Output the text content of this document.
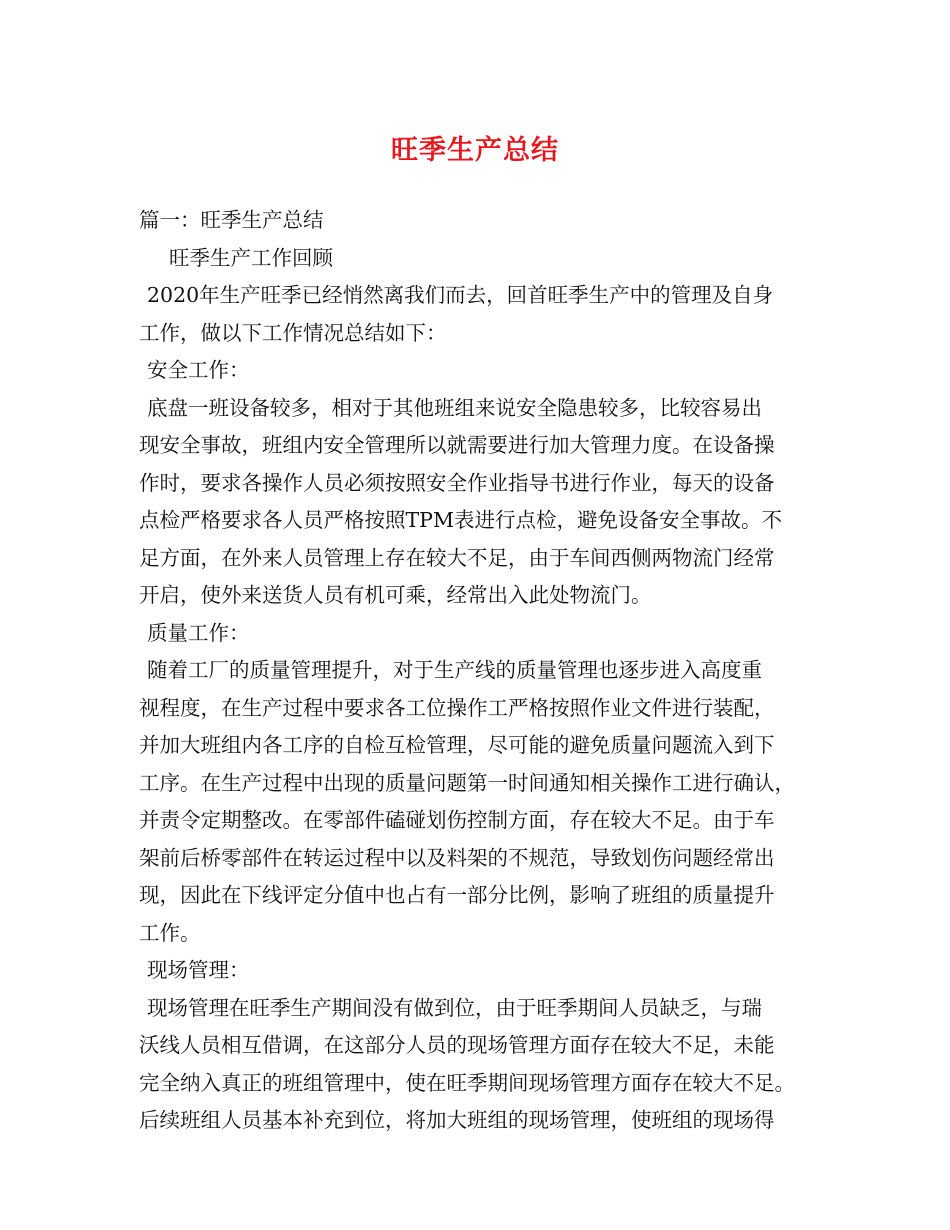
旺季生产总结
篇一：旺季生产总结
旺季生产工作回顾
2020年生产旺季已经悄然离我们而去，回首旺季生产中的管理及自身
工作，做以下工作情况总结如下：
安全工作：
底盘一班设备较多，相对于其他班组来说安全隐患较多，比较容易出
现安全事故，班组内安全管理所以就需要进行加大管理力度。在设备操
作时，要求各操作人员必须按照安全作业指导书进行作业，每天的设备
点检严格要求各人员严格按照TPM表进行点检，避免设备安全事故。不
足方面，在外来人员管理上存在较大不足，由于车间西侧两物流门经常
开启，使外来送货人员有机可乘，经常出入此处物流门。
质量工作：
随着工厂的质量管理提升，对于生产线的质量管理也逐步进入高度重
视程度，在生产过程中要求各工位操作工严格按照作业文件进行装配，
并加大班组内各工序的自检互检管理，尽可能的避免质量问题流入到下
工序。在生产过程中出现的质量问题第一时间通知相关操作工进行确认，
并责令定期整改。在零部件磕碰划伤控制方面，存在较大不足。由于车
架前后桥零部件在转运过程中以及料架的不规范，导致划伤问题经常出
现，因此在下线评定分值中也占有一部分比例，影响了班组的质量提升
工作。
现场管理：
现场管理在旺季生产期间没有做到位，由于旺季期间人员缺乏，与瑞
沃线人员相互借调，在这部分人员的现场管理方面存在较大不足，未能
完全纳入真正的班组管理中，使在旺季期间现场管理方面存在较大不足。
后续班组人员基本补充到位，将加大班组的现场管理，使班组的现场得
